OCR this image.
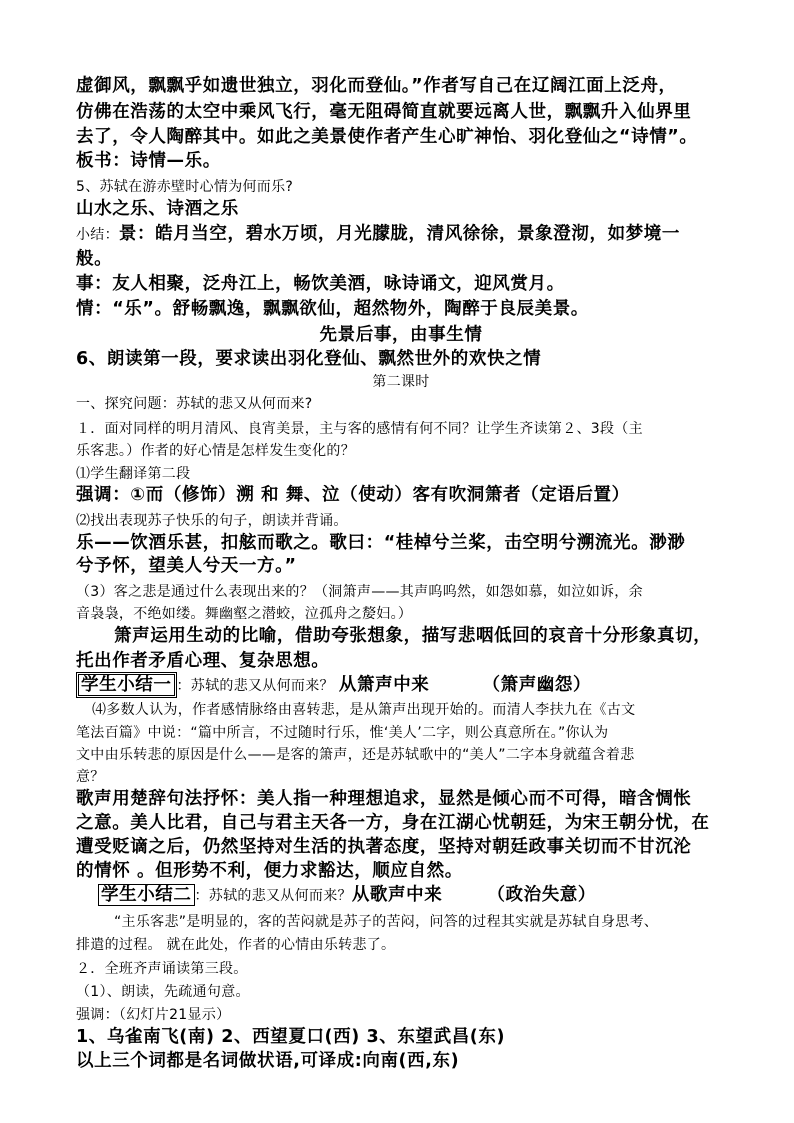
虚御风，飘飘乎如遗世独立，羽化而登仙。”作者写自己在辽阔江面上泛舟，
仿佛在浩荡的太空中乘风飞行，毫无阻碍简直就要远离人世，飘飘升入仙界里
去了，令人陶醉其中。如此之美景使作者产生心旷神怡、羽化登仙之“诗情”。
板书：诗情—乐。
5、苏轼在游赤壁时心情为何而乐?
山水之乐、诗酒之乐
小结：景：皓月当空，碧水万顷，月光朦胧，清风徐徐，景象澄沏，如梦境一
般。
事：友人相聚，泛舟江上，畅饮美酒，咏诗诵文，迎风赏月。
情：“乐”。舒畅飘逸，飘飘欲仙，超然物外，陶醉于良辰美景。
先景后事，由事生情
6、朗读第一段，要求读出羽化登仙、飘然世外的欢快之情
第二课时
一、探究问题：苏轼的悲又从何而来?
１．面对同样的明月清风、良宵美景，主与客的感情有何不同？让学生齐读第２、3段（主
乐客悲。）作者的好心情是怎样发生变化的？
⑴学生翻译第二段
强调：①而（修饰）溯 和 舞、泣（使动）客有吹洞箫者（定语后置）
⑵找出表现苏子快乐的句子，朗读并背诵。
乐——饮酒乐甚，扣舷而歌之。歌曰：“桂棹兮兰桨，击空明兮溯流光。渺渺
兮予怀，望美人兮天一方。”
（3）客之悲是通过什么表现出来的？（洞箫声——其声呜呜然，如怨如慕，如泣如诉，余
音袅袅，不绝如缕。舞幽壑之潜蛟，泣孤舟之嫠妇。）
箫声运用生动的比喻，借助夸张想象，描写悲咽低回的哀音十分形象真切，
托出作者矛盾心理、复杂思想。
学生小结一 ：苏轼的悲又从何而来？ 从箫声中来	（箫声幽怨）
⑷多数人认为，作者感情脉络由喜转悲，是从箫声出现开始的。而清人李扶九在《古文
笔法百篇》中说：“篇中所言，不过随时行乐，惟‘美人’二字，则公真意所在。”你认为
文中由乐转悲的原因是什么——是客的箫声，还是苏轼歌中的“美人”二字本身就蕴含着悲
意？
歌声用楚辞句法抒怀：美人指一种理想追求，显然是倾心而不可得，暗含惆怅
之意。美人比君，自己与君主天各一方，身在江湖心忧朝廷，为宋王朝分忧，在
遭受贬谪之后，仍然坚持对生活的执著态度，坚持对朝廷政事关切而不甘沉沦
的情怀 。但形势不利，便力求豁达，顺应自然。
学生小结二 ：苏轼的悲又从何而来？从歌声中来	（政治失意）
“主乐客悲”是明显的，客的苦闷就是苏子的苦闷，问答的过程其实就是苏轼自身思考、
排遣的过程。 就在此处，作者的心情由乐转悲了。
２．全班齐声诵读第三段。
（1）、朗读，先疏通句意。
强调：（幻灯片21显示）
1、乌雀南飞(南) 2、西望夏口(西) 3、东望武昌(东)
以上三个词都是名词做状语,可译成:向南(西,东)
